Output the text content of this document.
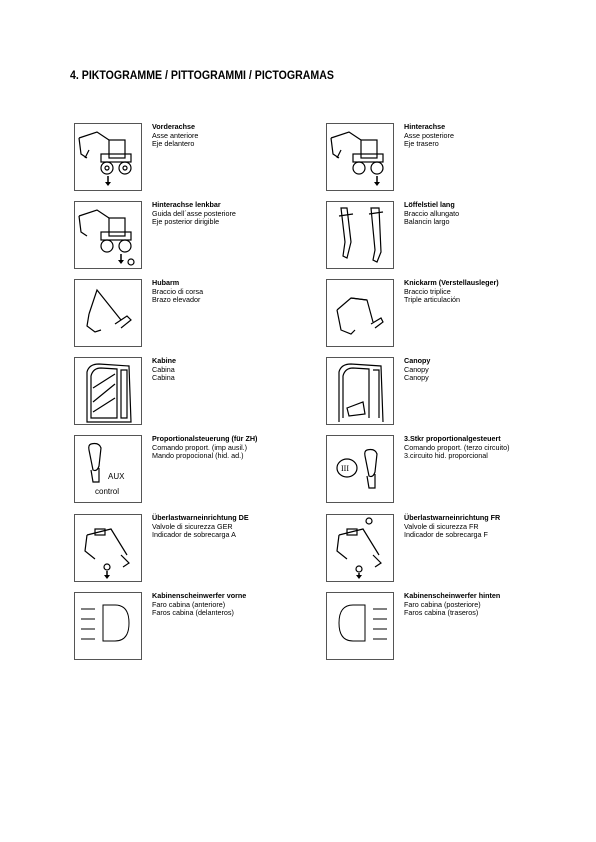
4. PIKTOGRAMME / PITTOGRAMMI / PICTOGRAMAS
Vorderachse
Asse anteriore
Eje delantero
Hinterachse
Asse posteriore
Eje trasero
Hinterachse lenkbar
Guida dell´asse posteriore
Eje posterior dirigible
Löffelstiel lang
Braccio allungato
Balancin largo
Hubarm
Braccio di corsa
Brazo elevador
Knickarm (Verstellausleger)
Braccio triplice
Triple articulación
Kabine
Cabina
Cabina
Canopy
Canopy
Canopy
AUX
control
Proportionalsteuerung (für ZH)
Comando proport. (imp ausil.)
Mando propocional (hid. ad.)
III
3.Stkr proportionalgesteuert
Comando proport. (terzo circuito)
3.circuito hid. proporcional
Überlastwarneinrichtung DE
Valvole di sicurezza GER
Indicador de sobrecarga A
Überlastwarneinrichtung FR
Valvole di sicurezza FR
Indicador de sobrecarga F
Kabinenscheinwerfer vorne
Faro cabina (anteriore)
Faros cabina (delanteros)
Kabinenscheinwerfer hinten
Faro cabina (posteriore)
Faros cabina (traseros)
